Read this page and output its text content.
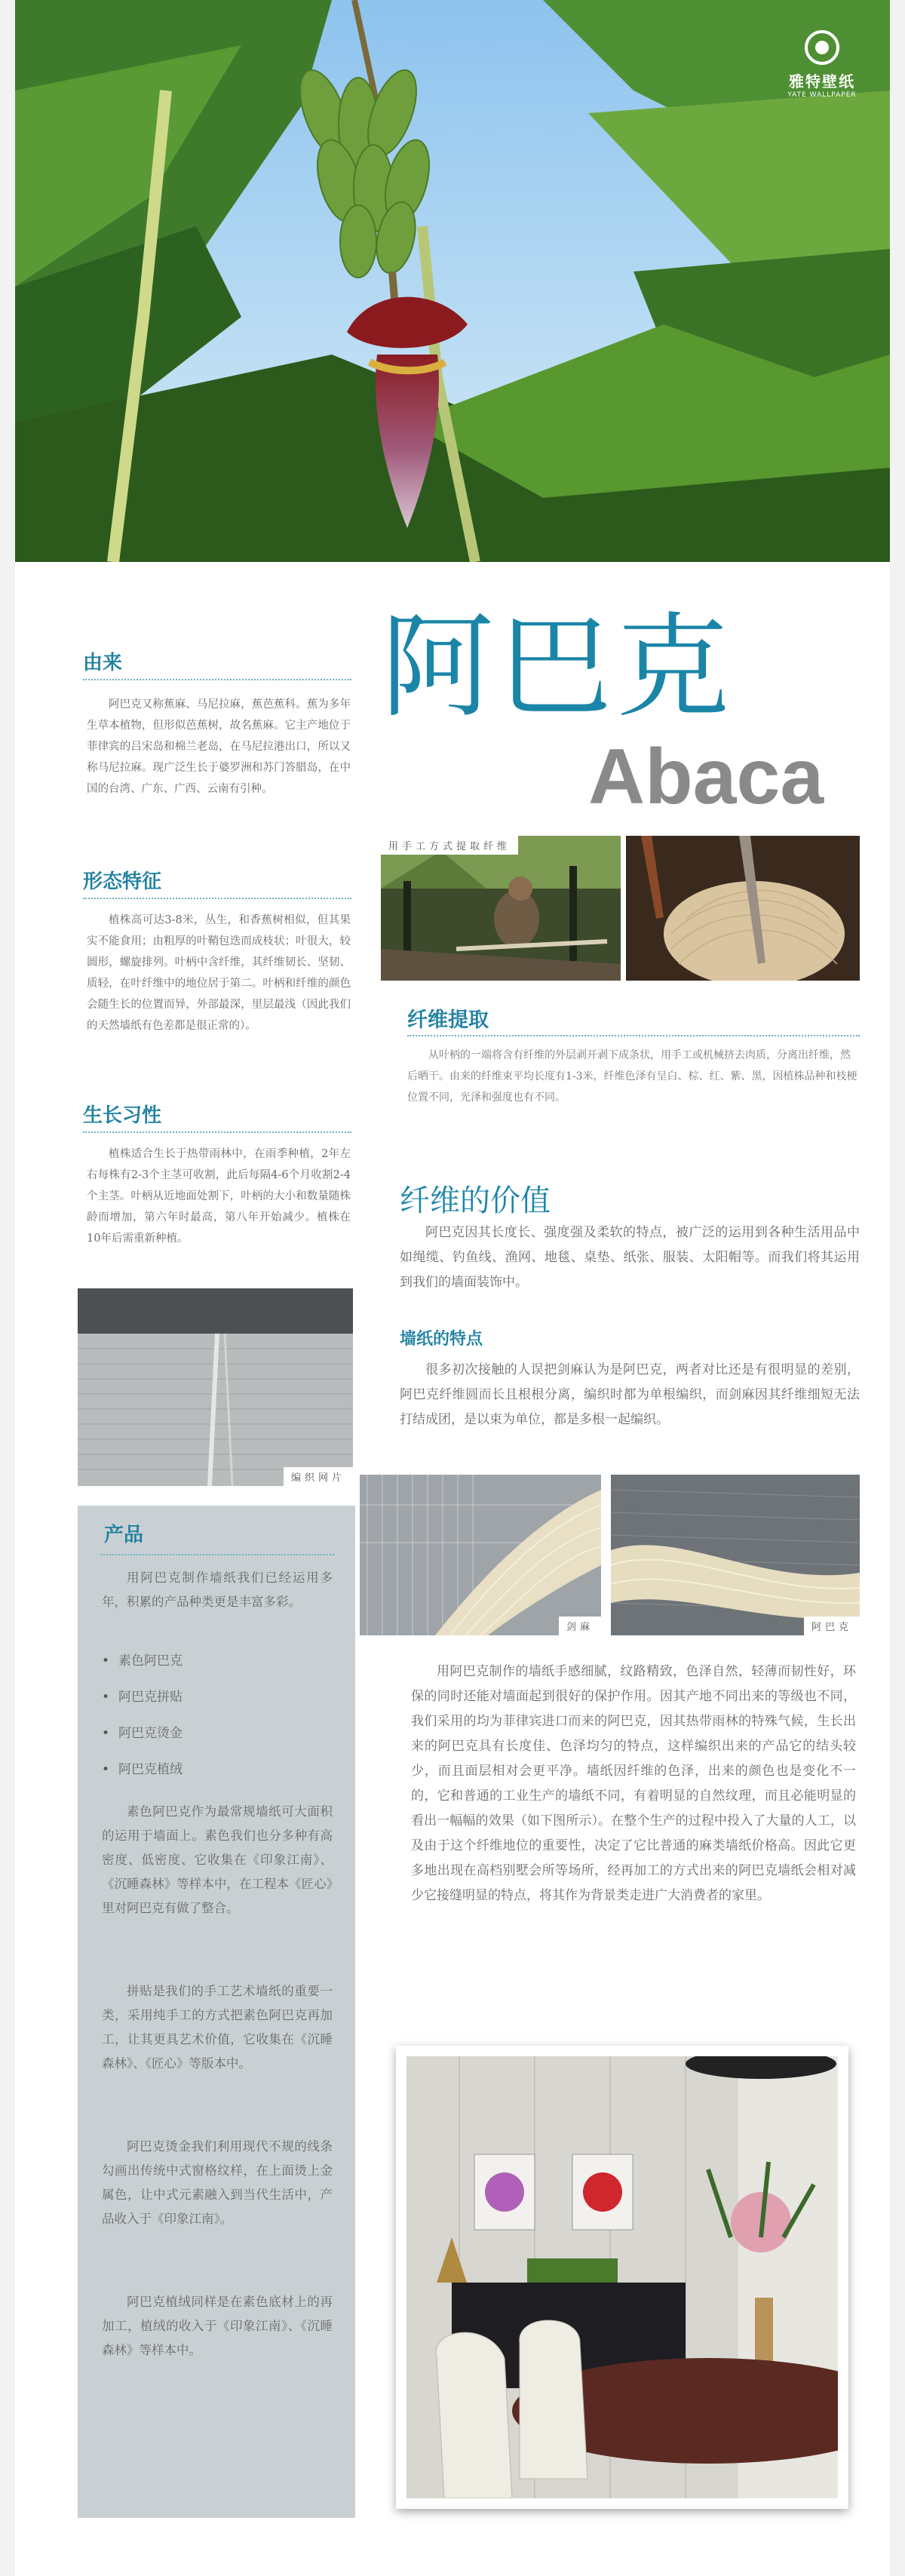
雅特壁纸
YATE WALLPAPER
由来
阿巴克又称蕉麻、马尼拉麻，蕉芭蕉科。蕉为多年生草本植物，但形似芭蕉树，故名蕉麻。它主产地位于菲律宾的吕宋岛和棉兰老岛，在马尼拉港出口，所以又称马尼拉麻。现广泛生长于婆罗洲和苏门答腊岛，在中国的台湾、广东、广西、云南有引种。
形态特征
植株高可达3-8米，丛生，和香蕉树相似，但其果实不能食用；由粗厚的叶鞘包迭而成枝状；叶很大，较圆形，螺旋排列。叶柄中含纤维，其纤维韧长、坚韧、质轻，在叶纤维中的地位居于第二。叶柄和纤维的颜色会随生长的位置而异，外部最深，里层最浅（因此我们的天然墙纸有色差都是很正常的）。
生长习性
植株适合生长于热带雨林中，在雨季种植，2年左右每株有2-3个主茎可收割，此后每隔4-6个月收割2-4个主茎。叶柄从近地面处割下，叶柄的大小和数量随株龄而增加，第六年时最高，第八年开始减少。植株在10年后需重新种植。
编织网片
产品
用阿巴克制作墙纸我们已经运用多年，积累的产品种类更是丰富多彩。
• 素色阿巴克
• 阿巴克拼贴
• 阿巴克烫金
• 阿巴克植绒
素色阿巴克作为最常规墙纸可大面积的运用于墙面上。素色我们也分多种有高密度、低密度、它收集在《印象江南》、《沉睡森林》等样本中，在工程本《匠心》里对阿巴克有做了整合。
拼贴是我们的手工艺术墙纸的重要一类，采用纯手工的方式把素色阿巴克再加工，让其更具艺术价值，它收集在《沉睡森林》、《匠心》等版本中。
阿巴克烫金我们利用现代不规的线条勾画出传统中式窗格纹样，在上面烫上金属色，让中式元素融入到当代生活中，产品收入于《印象江南》。
阿巴克植绒同样是在素色底材上的再加工，植绒的收入于《印象江南》、《沉睡森林》等样本中。
阿巴克
Abaca
用手工方式提取纤维
纤维提取
从叶柄的一端将含有纤维的外层剥开剥下成条状，用手工或机械挤去肉质，分离出纤维，然后晒干。由来的纤维束平均长度有1-3米，纤维色泽有呈白、棕、红、紫、黑，因植株品种和枝梗位置不同，光泽和强度也有不同。
纤维的价值
阿巴克因其长度长、强度强及柔软的特点，被广泛的运用到各种生活用品中如绳缆、钓鱼线、渔网、地毯、桌垫、纸张、服装、太阳帽等。而我们将其运用到我们的墙面装饰中。
墙纸的特点
很多初次接触的人误把剑麻认为是阿巴克，两者对比还是有很明显的差别，阿巴克纤维圆而长且根根分离，编织时都为单根编织，而剑麻因其纤维细短无法打结成团，是以束为单位，都是多根一起编织。
剑麻	阿巴克
用阿巴克制作的墙纸手感细腻，纹路精致，色泽自然，轻薄而韧性好，环保的同时还能对墙面起到很好的保护作用。因其产地不同出来的等级也不同，我们采用的均为菲律宾进口而来的阿巴克，因其热带雨林的特殊气候，生长出来的阿巴克具有长度佳、色泽均匀的特点，这样编织出来的产品它的结头较少，而且面层相对会更平净。墙纸因纤维的色泽，出来的颜色也是变化不一的，它和普通的工业生产的墙纸不同，有着明显的自然纹理，而且必能明显的看出一幅幅的效果（如下图所示）。在整个生产的过程中投入了大量的人工，以及由于这个纤维地位的重要性，决定了它比普通的麻类墙纸价格高。因此它更多地出现在高档别墅会所等场所，经再加工的方式出来的阿巴克墙纸会相对减少它接缝明显的特点，将其作为背景类走进广大消费者的家里。
